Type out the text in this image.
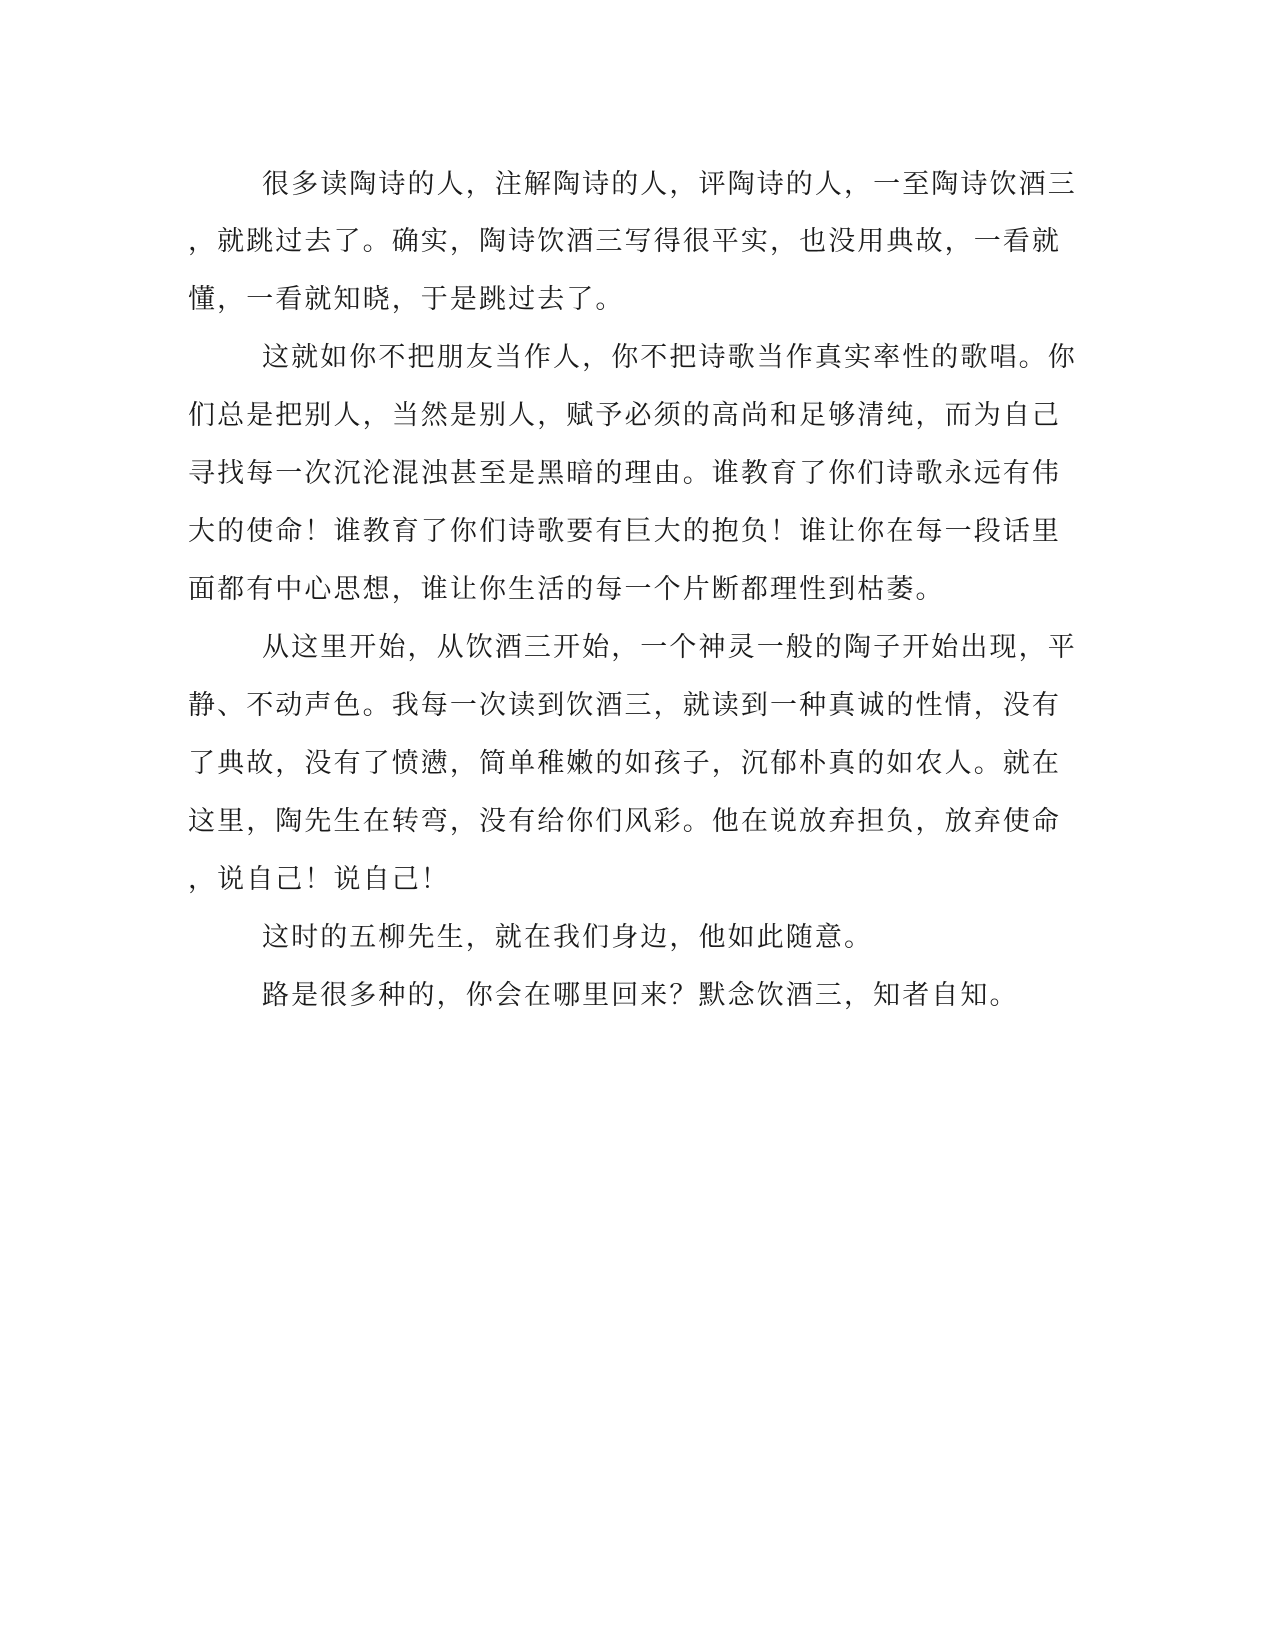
很多读陶诗的人，注解陶诗的人，评陶诗的人，一至陶诗饮酒三

，就跳过去了。确实，陶诗饮酒三写得很平实，也没用典故，一看就

懂，一看就知晓，于是跳过去了。

这就如你不把朋友当作人，你不把诗歌当作真实率性的歌唱。你

们总是把别人，当然是别人，赋予必须的高尚和足够清纯，而为自己

寻找每一次沉沦混浊甚至是黑暗的理由。谁教育了你们诗歌永远有伟

大的使命！谁教育了你们诗歌要有巨大的抱负！谁让你在每一段话里

面都有中心思想，谁让你生活的每一个片断都理性到枯萎。

从这里开始，从饮酒三开始，一个神灵一般的陶子开始出现，平

静、不动声色。我每一次读到饮酒三，就读到一种真诚的性情，没有

了典故，没有了愤懑，简单稚嫩的如孩子，沉郁朴真的如农人。就在

这里，陶先生在转弯，没有给你们风彩。他在说放弃担负，放弃使命

，说自己！说自己！

这时的五柳先生，就在我们身边，他如此随意。

路是很多种的，你会在哪里回来？默念饮酒三，知者自知。
